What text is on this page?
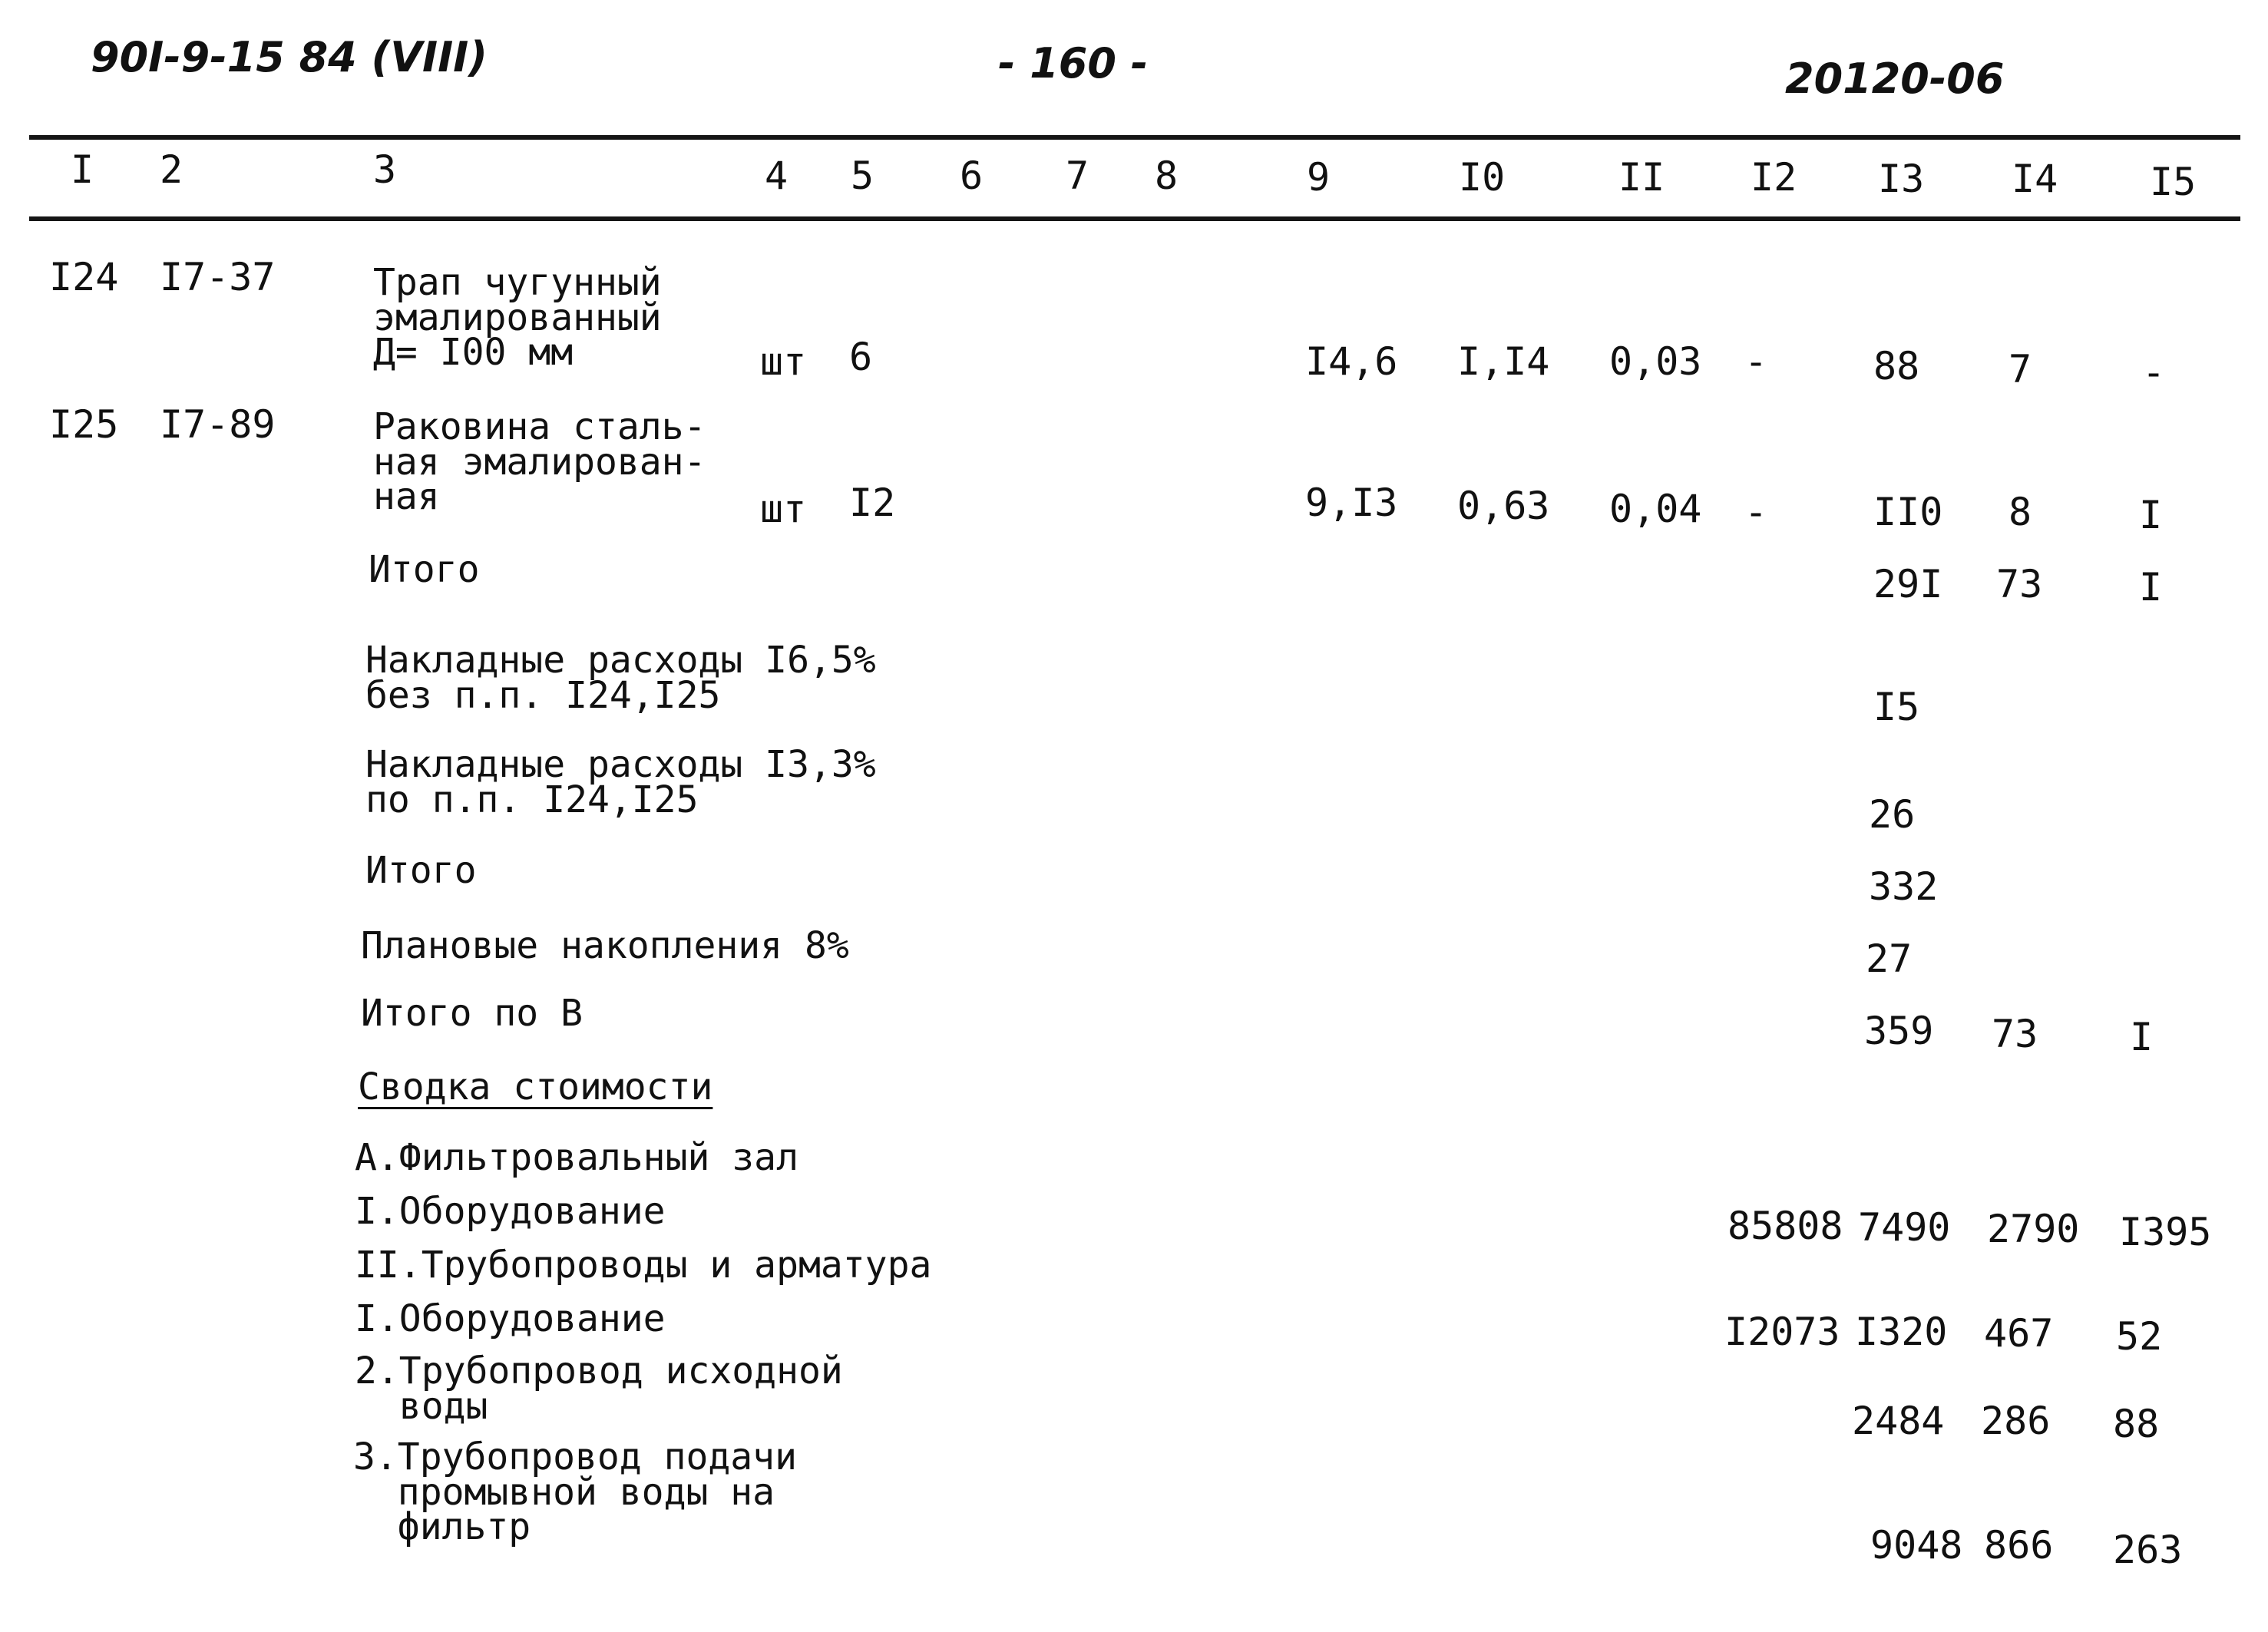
90I-9-15 84 (VIII)	- 160 -	20120-06
I 2	3	4 5 6 7 8	9	I0	II I2 I3 I4 I5
I24 I7-37	Трап чугунный
эмалированный
Д= I00 мм	шт 6	I4,6 I,I4 0,03 -	88 7	-
I25 I7-89	Раковина сталь-
ная эмалирован-
ная	шт I2	9,I3 0,63 0,04 -	II0 8	I
Итого	29I 73	I
Накладные расходы I6,5%
без п.п. I24,I25	I5
Накладные расходы I3,3%
по п.п. I24,I25	26
Итого	332
Плановые накопления 8%	27
Итого по В	359 73 I
Сводка стоимости
А.Фильтровальный зал
I.Оборудование	85808 7490 2790 I395
II.Трубопроводы и арматура
I.Оборудование	I2073 I320 467 52
2.Трубопровод исходной
воды	2484 286 88
3.Трубопровод подачи
промывной воды на
фильтр	9048 866 263
